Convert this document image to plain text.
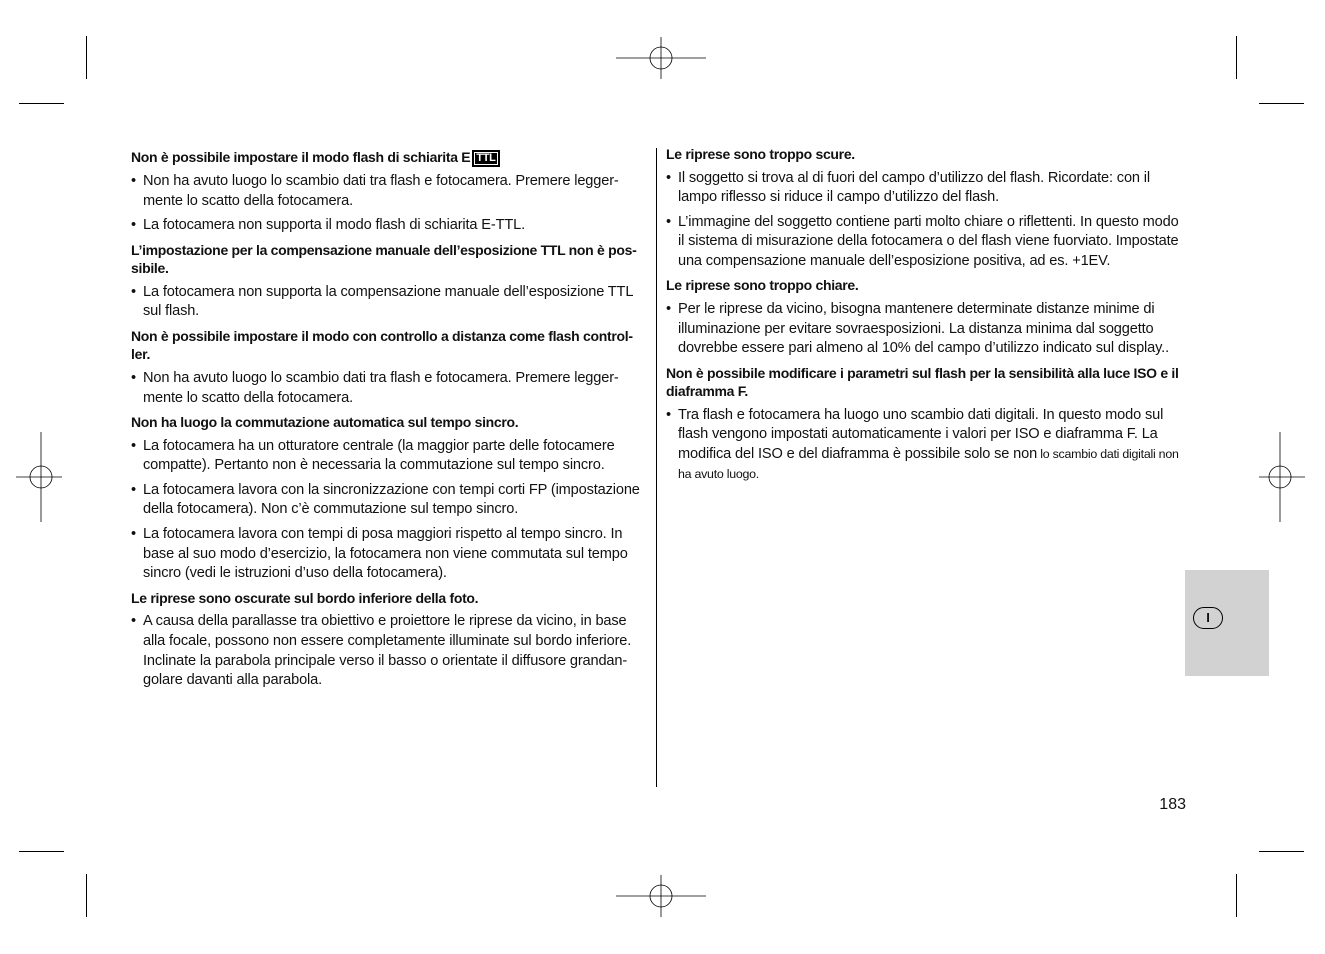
Non è possibile impostare il modo flash di schiarita E TTL
• Non ha avuto luogo lo scambio dati tra flash e fotocamera. Premere legger-mente lo scatto della fotocamera.
• La fotocamera non supporta il modo flash di schiarita E-TTL.
L’impostazione per la compensazione manuale dell’esposizione TTL non è pos-sibile.
• La fotocamera non supporta la compensazione manuale dell’esposizione TTL sul flash.
Non è possibile impostare il modo con controllo a distanza come flash control-ler.
• Non ha avuto luogo lo scambio dati tra flash e fotocamera. Premere legger-mente lo scatto della fotocamera.
Non ha luogo la commutazione automatica sul tempo sincro.
• La fotocamera ha un otturatore centrale (la maggior parte delle fotocamere compatte). Pertanto non è necessaria la commutazione sul tempo sincro.
• La fotocamera lavora con la sincronizzazione con tempi corti FP (impostazione della fotocamera). Non c’è commutazione sul tempo sincro.
• La fotocamera lavora con tempi di posa maggiori rispetto al tempo sincro. In base al suo modo d’esercizio, la fotocamera non viene commutata sul tempo sincro (vedi le istruzioni d’uso della fotocamera).
Le riprese sono oscurate sul bordo inferiore della foto.
• A causa della parallasse tra obiettivo e proiettore le riprese da vicino, in base alla focale, possono non essere completamente illuminate sul bordo inferiore. Inclinate la parabola principale verso il basso o orientate il diffusore grandan-golare davanti alla parabola.
Le riprese sono troppo scure.
• Il soggetto si trova al di fuori del campo d’utilizzo del flash. Ricordate: con il lampo riflesso si riduce il campo d’utilizzo del flash.
• L’immagine del soggetto contiene parti molto chiare o riflettenti. In questo modo il sistema di misurazione della fotocamera o del flash viene fuorviato. Impostate una compensazione manuale dell’esposizione positiva, ad es. +1EV.
Le riprese sono troppo chiare.
• Per le riprese da vicino, bisogna mantenere determinate distanze minime di illuminazione per evitare sovraesposizioni. La distanza minima dal soggetto dovrebbe essere pari almeno al 10% del campo d’utilizzo indicato sul display..
Non è possibile modificare i parametri sul flash per la sensibilità alla luce ISO e il diaframma F.
• Tra flash e fotocamera ha luogo uno scambio dati digitali. In questo modo sul flash vengono impostati automaticamente i valori per ISO e diaframma F. La modifica del ISO e del diaframma è possibile solo se non lo scambio dati digitali non ha avuto luogo.
I
183
